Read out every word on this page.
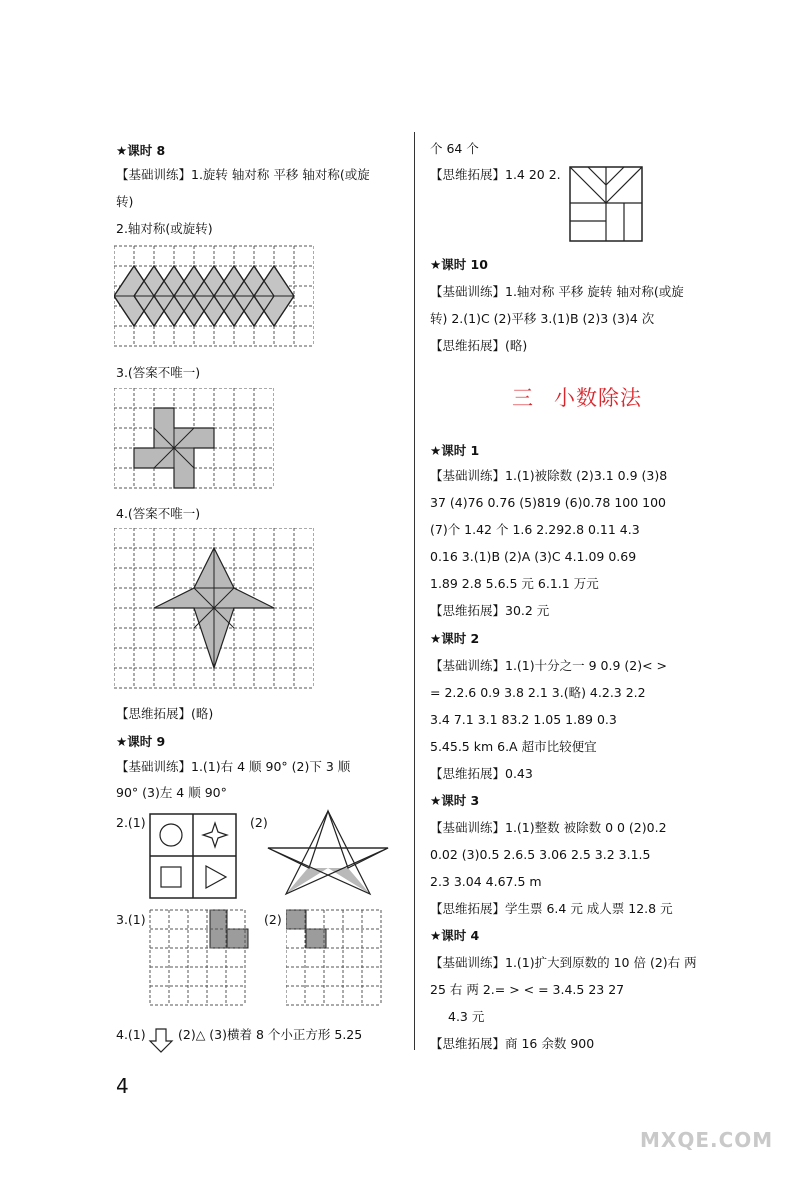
★课时 8
【基础训练】1.旋转 轴对称 平移 轴对称(或旋
转)
2.轴对称(或旋转)
3.(答案不唯一)
4.(答案不唯一)
【思维拓展】(略)
★课时 9
【基础训练】1.(1)右 4 顺 90° (2)下 3 顺
90° (3)左 4 顺 90°
2.(1)	(2)
3.(1)	(2)
4.(1)	(2)△ (3)横着 8 个小正方形 5.25
4
个 64 个
【思维拓展】1.4 20 2.
★课时 10
【基础训练】1.轴对称 平移 旋转 轴对称(或旋
转) 2.(1)C (2)平移 3.(1)B (2)3 (3)4 次
【思维拓展】(略)
三 小数除法
★课时 1
【基础训练】1.(1)被除数 (2)3.1 0.9 (3)8
37 (4)76 0.76 (5)819 (6)0.78 100 100
(7)个 1.42 个 1.6 2.292.8 0.11 4.3
0.16 3.(1)B (2)A (3)C 4.1.09 0.69
1.89 2.8 5.6.5 元 6.1.1 万元
【思维拓展】30.2 元
★课时 2
【基础训练】1.(1)十分之一 9 0.9 (2)< >
= 2.2.6 0.9 3.8 2.1 3.(略) 4.2.3 2.2
3.4 7.1 3.1 83.2 1.05 1.89 0.3
5.45.5 km 6.A 超市比较便宜
【思维拓展】0.43
★课时 3
【基础训练】1.(1)整数 被除数 0 0 (2)0.2
0.02 (3)0.5 2.6.5 3.06 2.5 3.2 3.1.5
2.3 3.04 4.67.5 m
【思维拓展】学生票 6.4 元 成人票 12.8 元
★课时 4
【基础训练】1.(1)扩大到原数的 10 倍 (2)右 两
25 右 两 2.= > < = 3.4.5 23 27
4.3 元
【思维拓展】商 16 余数 900
MXQE.COM
